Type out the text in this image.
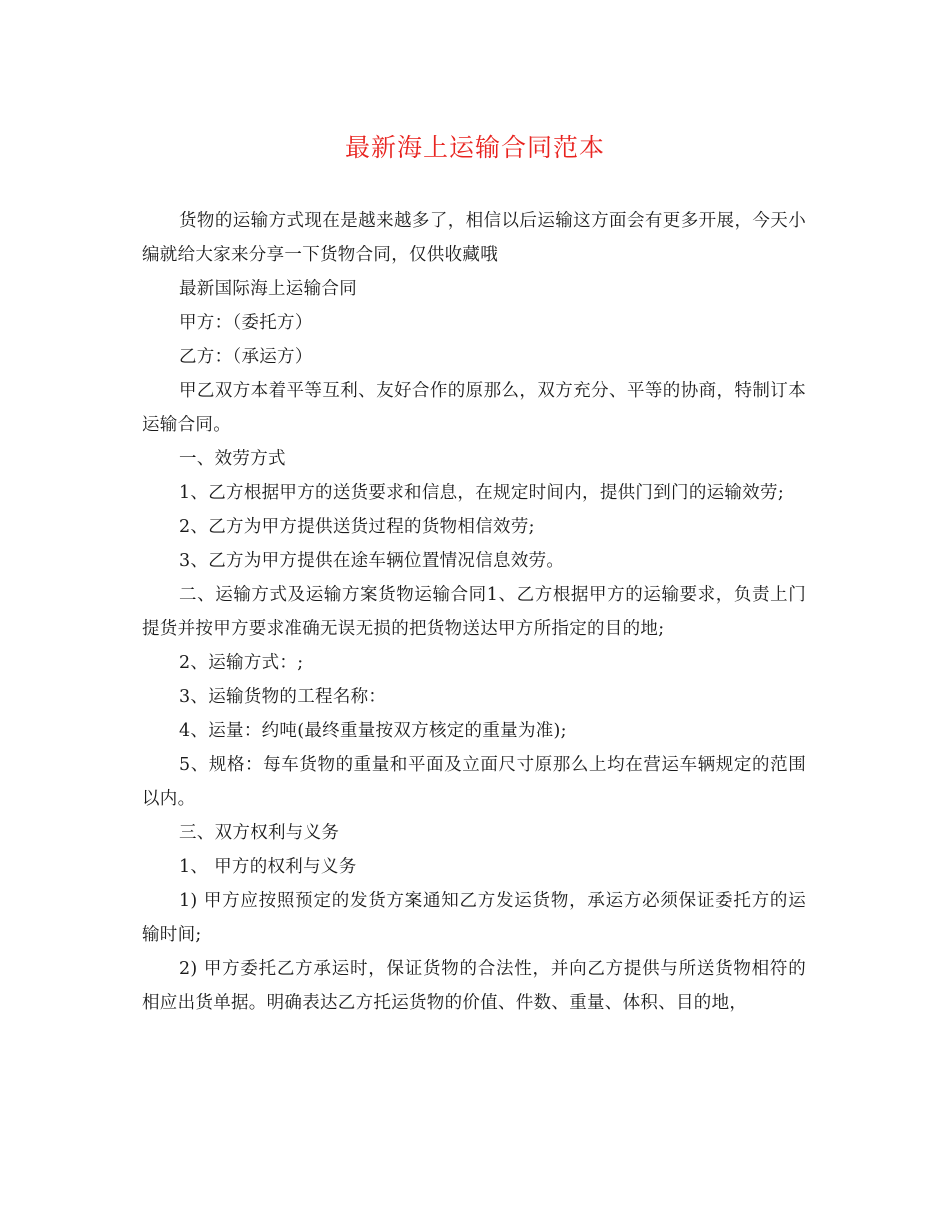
最新海上运输合同范本

货物的运输方式现在是越来越多了，相信以后运输这方面会有更多开展，今天小编就给大家来分享一下货物合同，仅供收藏哦

最新国际海上运输合同

甲方：（委托方）

乙方：（承运方）

甲乙双方本着平等互利、友好合作的原那么，双方充分、平等的协商，特制订本运输合同。

一、效劳方式

1、乙方根据甲方的送货要求和信息，在规定时间内，提供门到门的运输效劳;

2、乙方为甲方提供送货过程的货物相信效劳;

3、乙方为甲方提供在途车辆位置情况信息效劳。

二、运输方式及运输方案货物运输合同1、乙方根据甲方的运输要求，负责上门提货并按甲方要求准确无误无损的把货物送达甲方所指定的目的地;

2、运输方式：;

3、运输货物的工程名称：

4、运量：约吨(最终重量按双方核定的重量为准);

5、规格：每车货物的重量和平面及立面尺寸原那么上均在营运车辆规定的范围以内。

三、双方权利与义务

1、 甲方的权利与义务

1) 甲方应按照预定的发货方案通知乙方发运货物，承运方必须保证委托方的运输时间;

2) 甲方委托乙方承运时，保证货物的合法性，并向乙方提供与所送货物相符的相应出货单据。明确表达乙方托运货物的价值、件数、重量、体积、目的地，
